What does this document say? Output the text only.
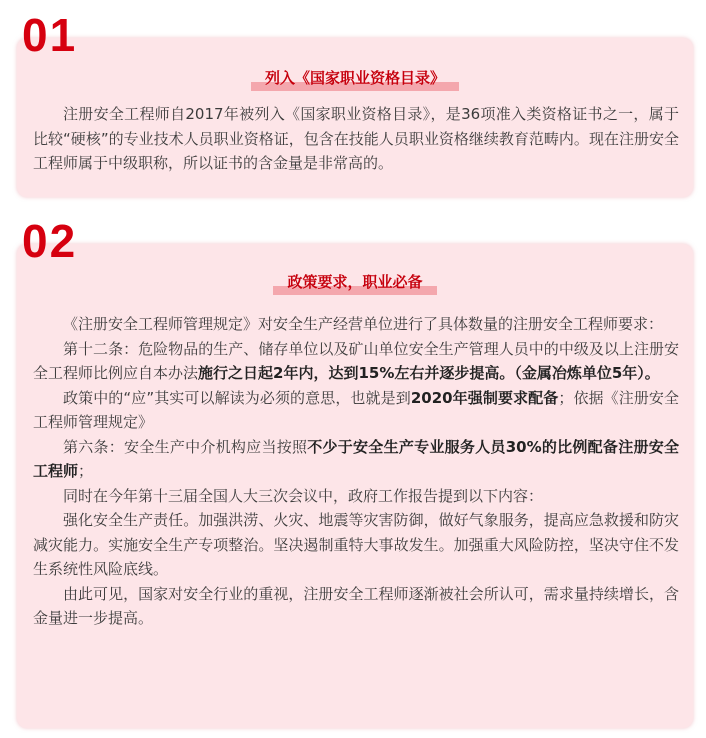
01
列入《国家职业资格目录》

注册安全工程师自2017年被列入《国家职业资格目录》，是36项准入类资格证书之一，属于比较“硬核”的专业技术人员职业资格证，包含在技能人员职业资格继续教育范畴内。现在注册安全工程师属于中级职称，所以证书的含金量是非常高的。

02
政策要求，职业必备

《注册安全工程师管理规定》对安全生产经营单位进行了具体数量的注册安全工程师要求：

第十二条：危险物品的生产、储存单位以及矿山单位安全生产管理人员中的中级及以上注册安全工程师比例应自本办法施行之日起2年内，达到15%左右并逐步提高。（金属冶炼单位5年）。

政策中的“应”其实可以解读为必须的意思，也就是到2020年强制要求配备；依据《注册安全工程师管理规定》

第六条：安全生产中介机构应当按照不少于安全生产专业服务人员30%的比例配备注册安全工程师；

同时在今年第十三届全国人大三次会议中，政府工作报告提到以下内容：

强化安全生产责任。加强洪涝、火灾、地震等灾害防御，做好气象服务，提高应急救援和防灾减灾能力。实施安全生产专项整治。坚决遏制重特大事故发生。加强重大风险防控，坚决守住不发生系统性风险底线。

由此可见，国家对安全行业的重视，注册安全工程师逐渐被社会所认可，需求量持续增长，含金量进一步提高。
